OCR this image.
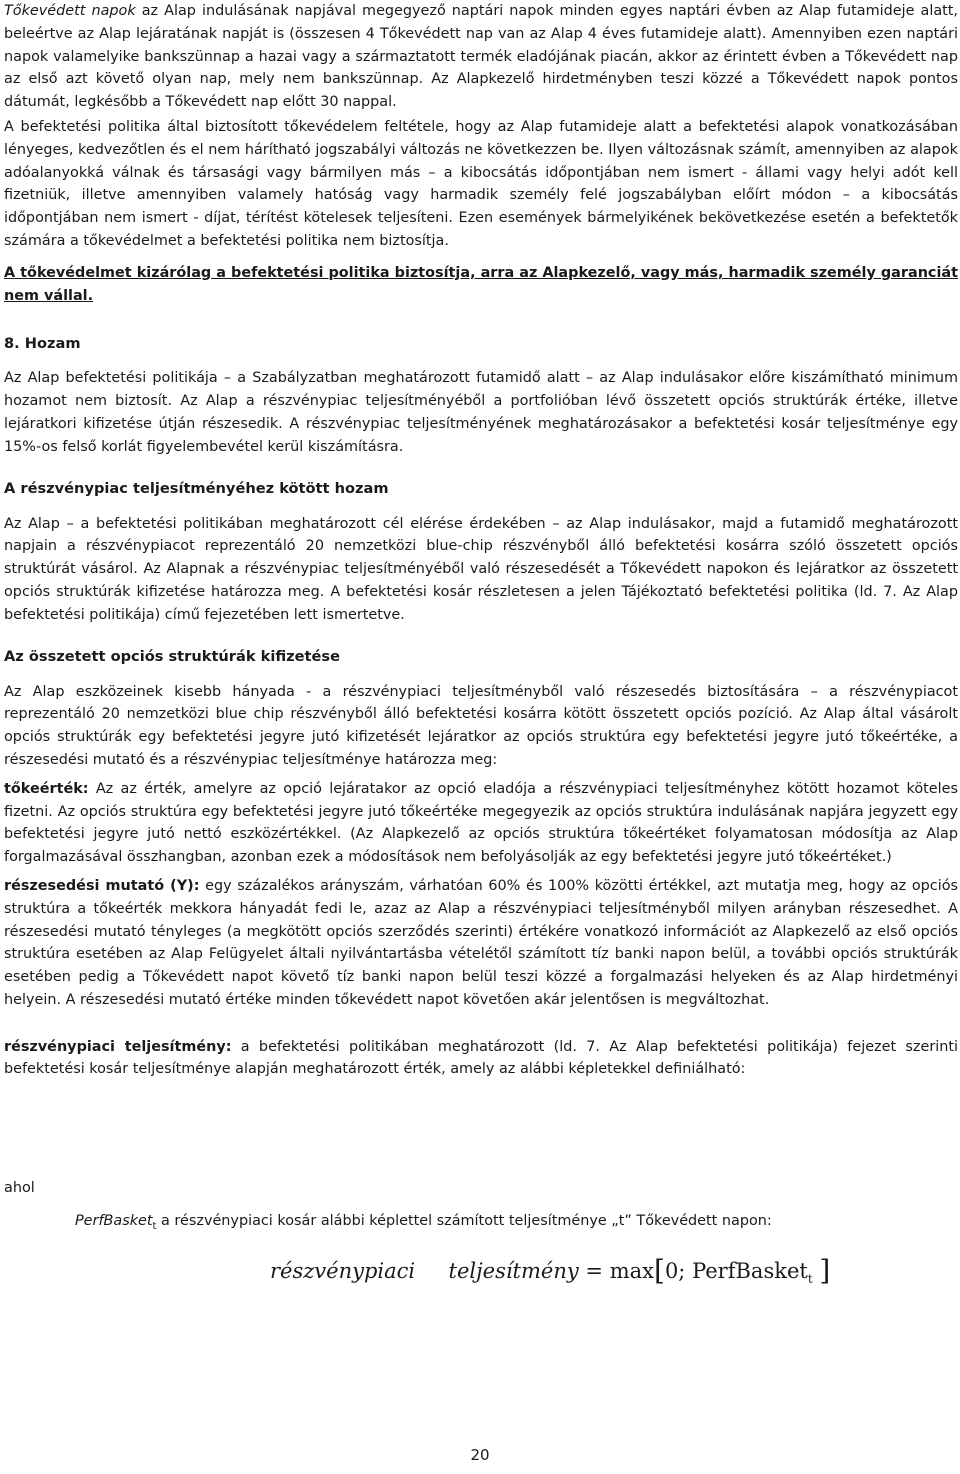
Tőkevédett napok az Alap indulásának napjával megegyező naptári napok minden egyes naptári évben az Alap futamideje alatt, beleértve az Alap lejáratának napját is (összesen 4 Tőkevédett nap van az Alap 4 éves futamideje alatt). Amennyiben ezen naptári napok valamelyike bankszünnap a hazai vagy a származtatott termék eladójának piacán, akkor az érintett évben a Tőkevédett nap az első azt követő olyan nap, mely nem bankszünnap. Az Alapkezelő hirdetményben teszi közzé a Tőkevédett napok pontos dátumát, legkésőbb a Tőkevédett nap előtt 30 nappal.

A befektetési politika által biztosított tőkevédelem feltétele, hogy az Alap futamideje alatt a befektetési alapok vonatkozásában lényeges, kedvezőtlen és el nem hárítható jogszabályi változás ne következzen be. Ilyen változásnak számít, amennyiben az alapok adóalanyokká válnak és társasági vagy bármilyen más – a kibocsátás időpontjában nem ismert - állami vagy helyi adót kell fizetniük, illetve amennyiben valamely hatóság vagy harmadik személy felé jogszabályban előírt módon – a kibocsátás időpontjában nem ismert - díjat, térítést kötelesek teljesíteni. Ezen események bármelyikének bekövetkezése esetén a befektetők számára a tőkevédelmet a befektetési politika nem biztosítja.

A tőkevédelmet kizárólag a befektetési politika biztosítja, arra az Alapkezelő, vagy más, harmadik személy garanciát nem vállal.

8. Hozam

Az Alap befektetési politikája – a Szabályzatban meghatározott futamidő alatt – az Alap indulásakor előre kiszámítható minimum hozamot nem biztosít. Az Alap a részvénypiac teljesítményéből a portfolióban lévő összetett opciós struktúrák értéke, illetve lejáratkori kifizetése útján részesedik. A részvénypiac teljesítményének meghatározásakor a befektetési kosár teljesítménye egy 15%-os felső korlát figyelembevétel kerül kiszámításra.

A részvénypiac teljesítményéhez kötött hozam

Az Alap – a befektetési politikában meghatározott cél elérése érdekében – az Alap indulásakor, majd a futamidő meghatározott napjain a részvénypiacot reprezentáló 20 nemzetközi blue-chip részvényből álló befektetési kosárra szóló összetett opciós struktúrát vásárol. Az Alapnak a részvénypiac teljesítményéből való részesedését a Tőkevédett napokon és lejáratkor az összetett opciós struktúrák kifizetése határozza meg. A befektetési kosár részletesen a jelen Tájékoztató befektetési politika (ld. 7. Az Alap befektetési politikája) című fejezetében lett ismertetve.

Az összetett opciós struktúrák kifizetése

Az Alap eszközeinek kisebb hányada - a részvénypiaci teljesítményből való részesedés biztosítására – a részvénypiacot reprezentáló 20 nemzetközi blue chip részvényből álló befektetési kosárra kötött összetett opciós pozíció. Az Alap által vásárolt opciós struktúrák egy befektetési jegyre jutó kifizetését lejáratkor az opciós struktúra egy befektetési jegyre jutó tőkeértéke, a részesedési mutató és a részvénypiac teljesítménye határozza meg:

tőkeérték: Az az érték, amelyre az opció lejáratakor az opció eladója a részvénypiaci teljesítményhez kötött hozamot köteles fizetni. Az opciós struktúra egy befektetési jegyre jutó tőkeértéke megegyezik az opciós struktúra indulásának napjára jegyzett egy befektetési jegyre jutó nettó eszközértékkel. (Az Alapkezelő az opciós struktúra tőkeértéket folyamatosan módosítja az Alap forgalmazásával összhangban, azonban ezek a módosítások nem befolyásolják az egy befektetési jegyre jutó tőkeértéket.)

részesedési mutató (Y): egy százalékos arányszám, várhatóan 60% és 100% közötti értékkel, azt mutatja meg, hogy az opciós struktúra a tőkeérték mekkora hányadát fedi le, azaz az Alap a részvénypiaci teljesítményből milyen arányban részesedhet. A részesedési mutató tényleges (a megkötött opciós szerződés szerinti) értékére vonatkozó információt az Alapkezelő az első opciós struktúra esetében az Alap Felügyelet általi nyilvántartásba vételétől számított tíz banki napon belül, a további opciós struktúrák esetében pedig a Tőkevédett napot követő tíz banki napon belül teszi közzé a forgalmazási helyeken és az Alap hirdetményi helyein. A részesedési mutató értéke minden tőkevédett napot követően akár jelentősen is megváltozhat.

részvénypiaci teljesítmény: a befektetési politikában meghatározott (ld. 7. Az Alap befektetési politikája) fejezet szerinti befektetési kosár teljesítménye alapján meghatározott érték, amely az alábbi képletekkel definiálható:

ahol

PerfBasket$_t$ a részvénypiaci kosár alábbi képlettel számított teljesítménye „t” Tőkevédett napon:

részvénypiaci teljesítmény = max[0; PerfBasket$_t$ ]
20
